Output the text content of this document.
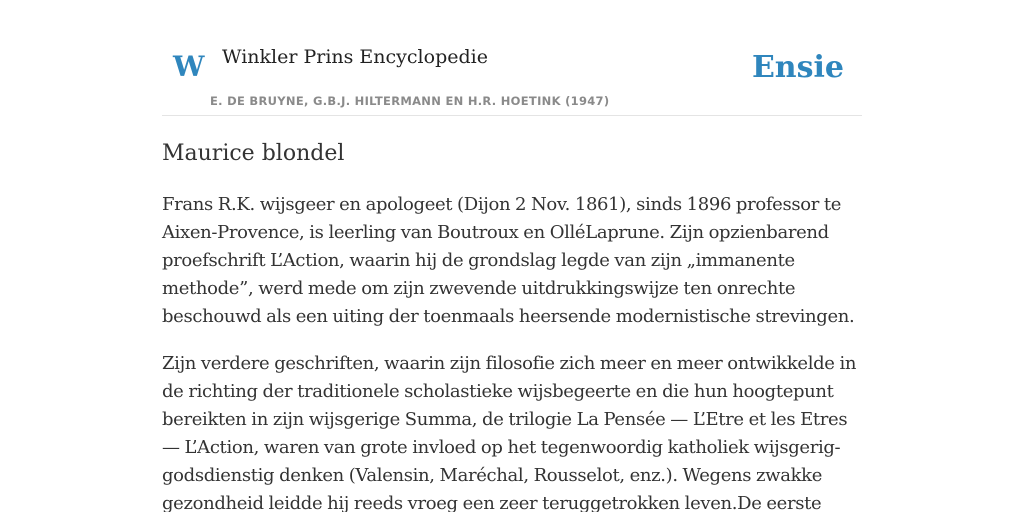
W Winkler Prins Encyclopedie
E. DE BRUYNE, G.B.J. HILTERMANN EN H.R. HOETINK (1947)
Ensie
Maurice blondel

Frans R.K. wijsgeer en apologeet (Dijon 2 Nov. 1861), sinds 1896 professor te Aixen-Provence, is leerling van Boutroux en OlléLaprune. Zijn opzienbarend proefschrift L’Action, waarin hij de grondslag legde van zijn „immanente methode”, werd mede om zijn zwevende uitdrukkingswijze ten onrechte beschouwd als een uiting der toenmaals heersende modernistische strevingen.

Zijn verdere geschriften, waarin zijn filosofie zich meer en meer ontwikkelde in de richting der traditionele scholastieke wijsbegeerte en die hun hoogtepunt bereikten in zijn wijsgerige Summa, de trilogie La Pensée — L’Etre et les Etres — L’Action, waren van grote invloed op het tegenwoordig katholiek wijsgerig-godsdienstig denken (Valensin, Maréchal, Rousselot, enz.). Wegens zwakke gezondheid leidde hij reeds vroeg een zeer teruggetrokken leven.De eerste
